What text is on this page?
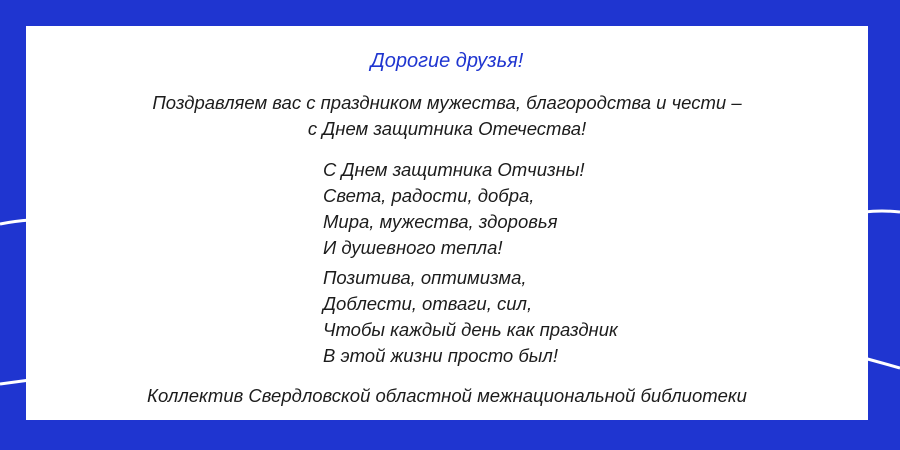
Дорогие друзья!

Поздравляем вас с праздником мужества, благородства и чести –

с Днем защитника Отечества!

С Днем защитника Отчизны!
Света, радости, добра,
Мира, мужества, здоровья
И душевного тепла!
Позитива, оптимизма,
Доблести, отваги, сил,
Чтобы каждый день как праздник
В этой жизни просто был!

Коллектив Свердловской областной межнациональной библиотеки
